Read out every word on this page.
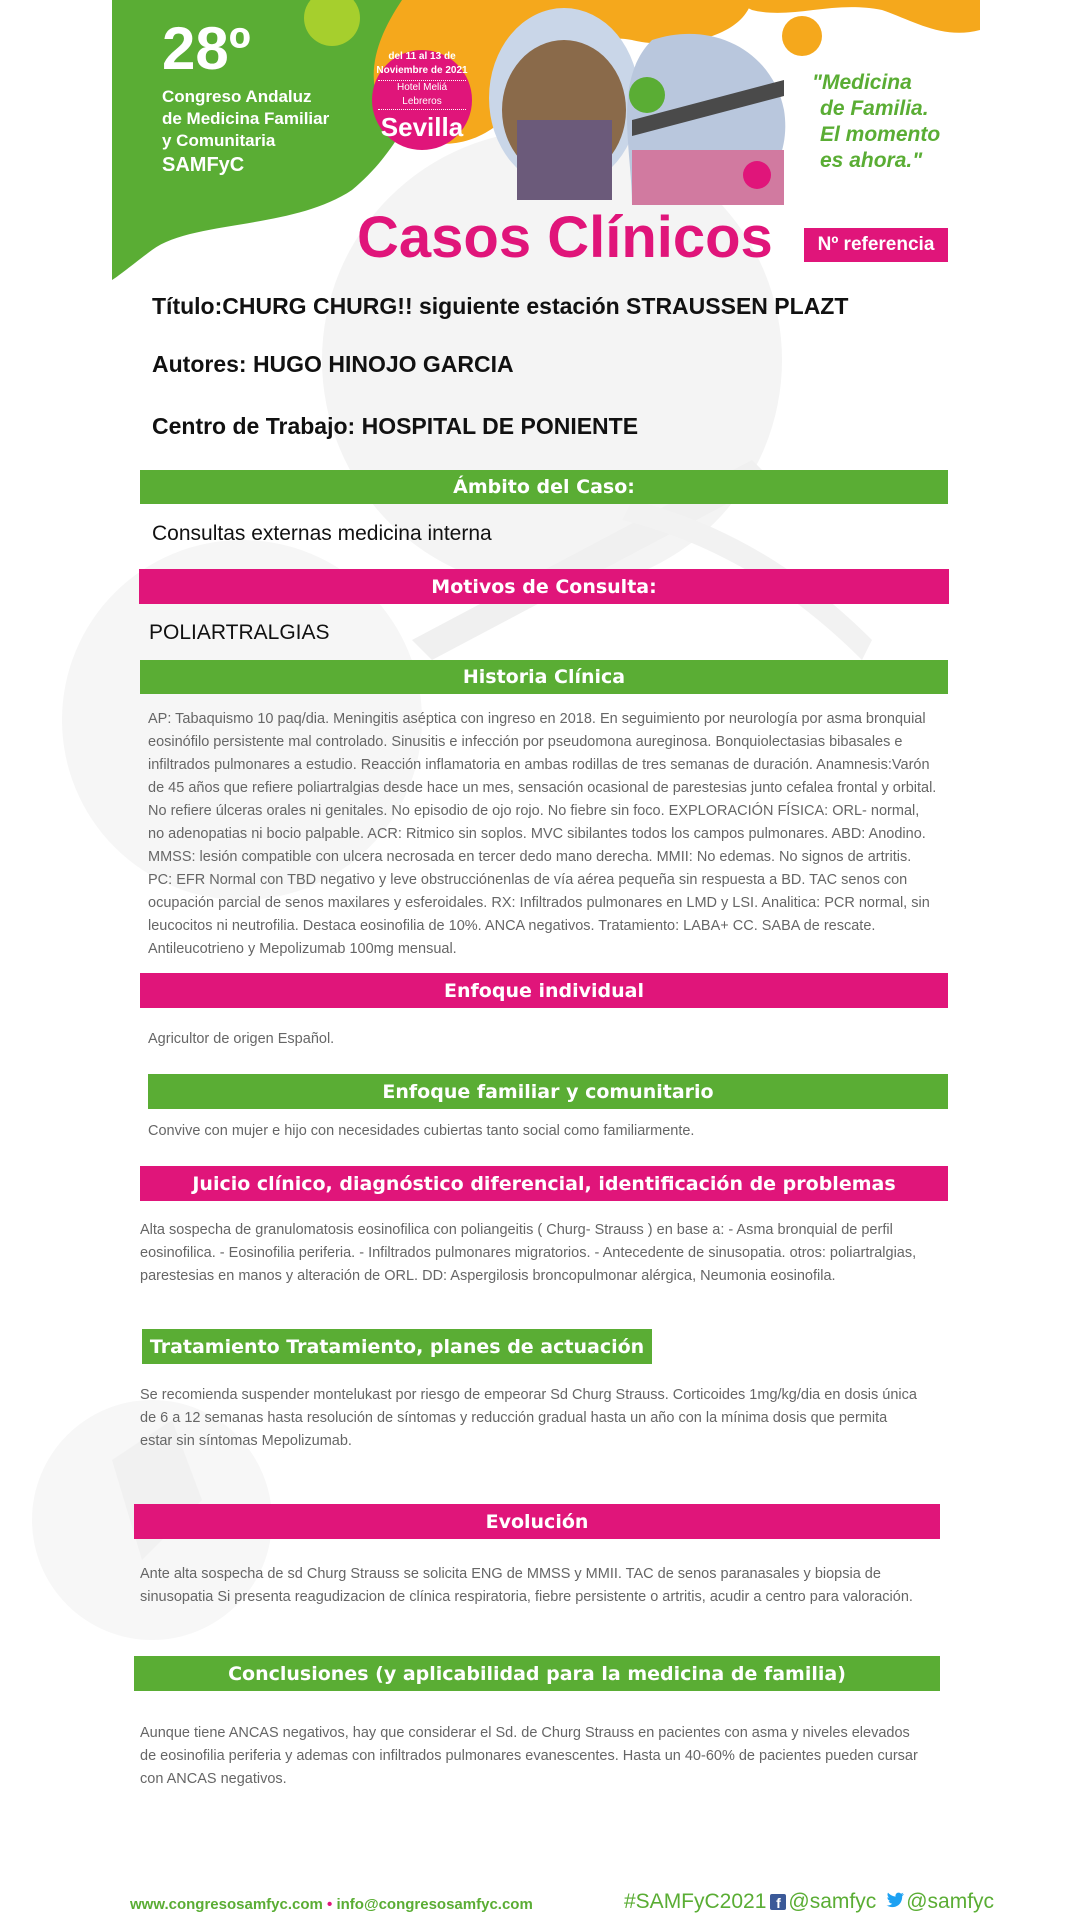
28º
Congreso Andaluz
de Medicina Familiar
y Comunitaria
SAMFyC
del 11 al 13 de
Noviembre de 2021
Hotel Meliá Lebreros
Sevilla
"Medicina
de Familia.
El momento
es ahora."
Casos Clínicos	Nº referencia
Título:CHURG CHURG!! siguiente estación STRAUSSEN PLAZT
Autores: HUGO HINOJO GARCIA
Centro de Trabajo: HOSPITAL DE PONIENTE
Ámbito del Caso:
Consultas externas medicina interna
Motivos de Consulta:
POLIARTRALGIAS
Historia Clínica
AP: Tabaquismo 10 paq/dia. Meningitis aséptica con ingreso en 2018. En seguimiento por neurología por asma bronquial eosinófilo persistente mal controlado. Sinusitis e infección por pseudomona aureginosa. Bonquiolectasias bibasales e infiltrados pulmonares a estudio. Reacción inflamatoria en ambas rodillas de tres semanas de duración. Anamnesis:Varón de 45 años que refiere poliartralgias desde hace un mes, sensación ocasional de parestesias junto cefalea frontal y orbital. No refiere úlceras orales ni genitales. No episodio de ojo rojo. No fiebre sin foco. EXPLORACIÓN FÍSICA: ORL- normal, no adenopatias ni bocio palpable. ACR: Ritmico sin soplos. MVC sibilantes todos los campos pulmonares. ABD: Anodino. MMSS: lesión compatible con ulcera necrosada en tercer dedo mano derecha. MMII: No edemas. No signos de artritis. PC: EFR Normal con TBD negativo y leve obstrucciónenlas de vía aérea pequeña sin respuesta a BD. TAC senos con ocupación parcial de senos maxilares y esferoidales. RX: Infiltrados pulmonares en LMD y LSI. Analitica: PCR normal, sin leucocitos ni neutrofilia. Destaca eosinofilia de 10%. ANCA negativos. Tratamiento: LABA+ CC. SABA de rescate. Antileucotrieno y Mepolizumab 100mg mensual.
Enfoque individual
Agricultor de origen Español.
Enfoque familiar y comunitario
Convive con mujer e hijo con necesidades cubiertas tanto social como familiarmente.
Juicio clínico, diagnóstico diferencial, identificación de problemas
Alta sospecha de granulomatosis eosinofilica con poliangeitis ( Churg- Strauss ) en base a: - Asma bronquial de perfil eosinofilica. - Eosinofilia periferia. - Infiltrados pulmonares migratorios. - Antecedente de sinusopatia. otros: poliartralgias, parestesias en manos y alteración de ORL. DD: Aspergilosis broncopulmonar alérgica, Neumonia eosinofila.
Tratamiento Tratamiento, planes de actuación
Se recomienda suspender montelukast por riesgo de empeorar Sd Churg Strauss. Corticoides 1mg/kg/dia en dosis única de 6 a 12 semanas hasta resolución de síntomas y reducción gradual hasta un año con la mínima dosis que permita estar sin síntomas Mepolizumab.
Evolución
Ante alta sospecha de sd Churg Strauss se solicita ENG de MMSS y MMII. TAC de senos paranasales y biopsia de sinusopatia Si presenta reagudizacion de clínica respiratoria, fiebre persistente o artritis, acudir a centro para valoración.
Conclusiones (y aplicabilidad para la medicina de familia)
Aunque tiene ANCAS negativos, hay que considerar el Sd. de Churg Strauss en pacientes con asma y niveles elevados de eosinofilia periferia y ademas con infiltrados pulmonares evanescentes. Hasta un 40-60% de pacientes pueden cursar con ANCAS negativos.
www.congresosamfyc.com • info@congresosamfyc.com	#SAMFyC2021 f @samfyc @samfyc
